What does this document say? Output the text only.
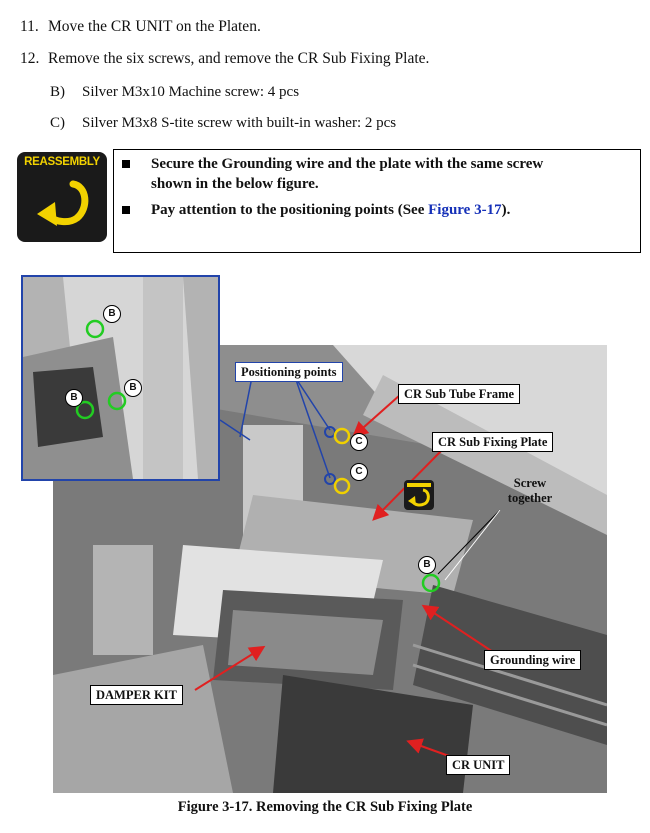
11. Move the CR UNIT on the Platen.
12. Remove the six screws, and remove the CR Sub Fixing Plate.
B) Silver M3x10 Machine screw: 4 pcs
C) Silver M3x8 S-tite screw with built-in washer: 2 pcs
REASSEMBLY	Secure the Grounding wire and the plate with the same screw
shown in the below figure.
Pay attention to the positioning points (See Figure 3-17).
B
B
B
C
C
B
Positioning points
CR Sub Tube Frame
CR Sub Fixing Plate
Screw
together
Grounding wire
DAMPER KIT
CR UNIT
Figure 3-17. Removing the CR Sub Fixing Plate
